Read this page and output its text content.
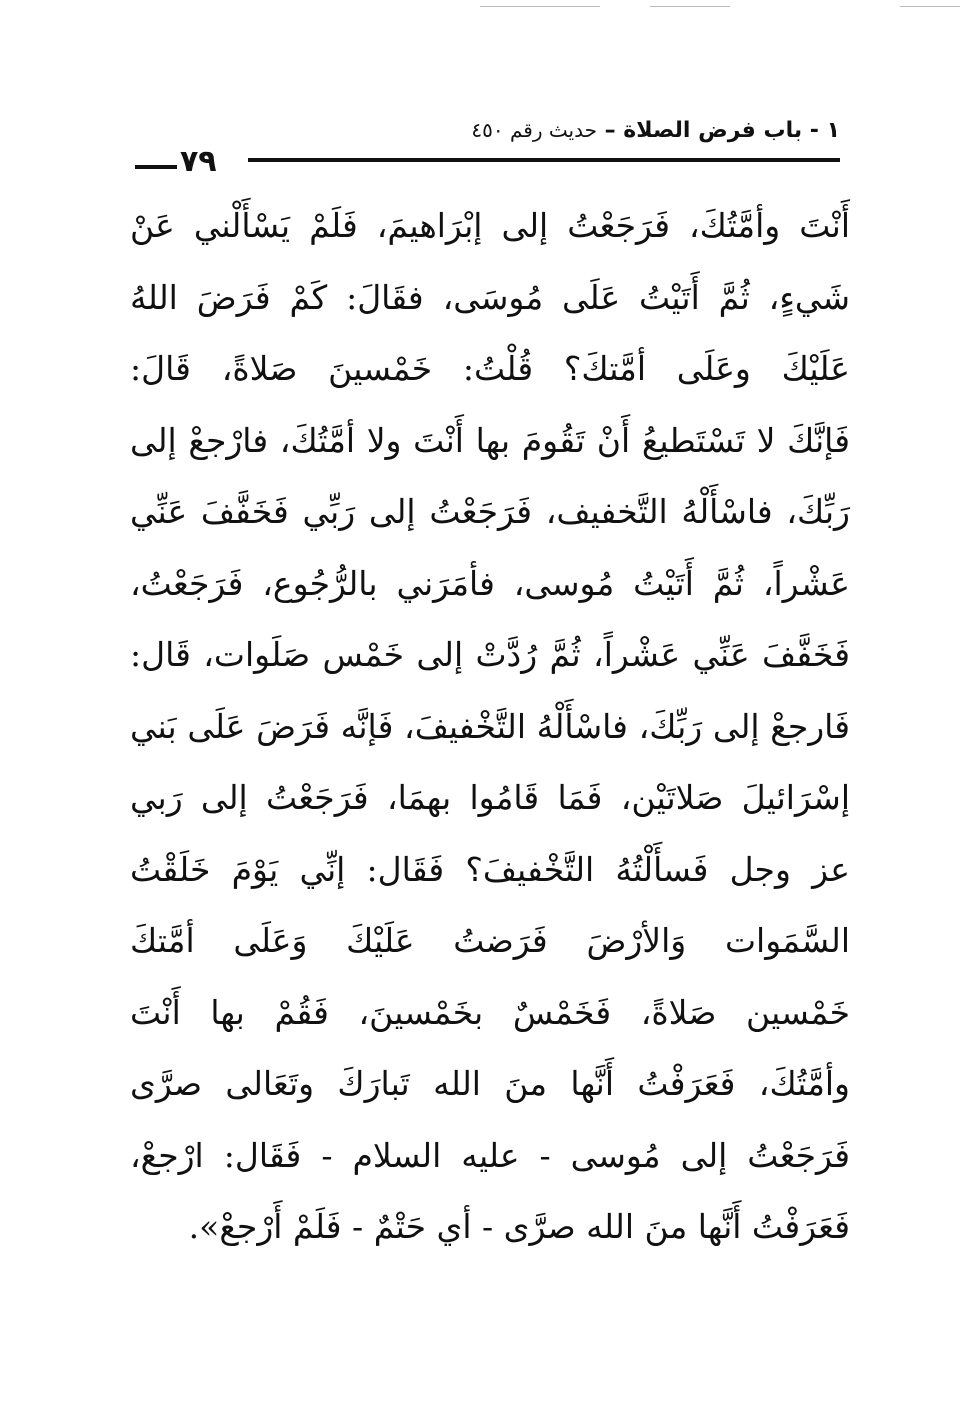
١ - باب فرض الصلاة – حديث رقم ٤٥٠
٧٩
أَنْتَ وأمَّتُكَ، فَرَجَعْتُ إلى إبْرَاهيمَ، فَلَمْ يَسْأَلْني عَنْ
شَيءٍ، ثُمَّ أَتَيْتُ عَلَى مُوسَى، فقَالَ: كَمْ فَرَضَ اللهُ
عَلَيْكَ وعَلَى أمَّتكَ؟ قُلْتُ: خَمْسينَ صَلاةً، قَالَ:
فَإنَّكَ لا تَسْتَطيعُ أَنْ تَقُومَ بها أَنْتَ ولا أمَّتُكَ، فارْجعْ إلى
رَبِّكَ، فاسْأَلْهُ التَّخفيف، فَرَجَعْتُ إلى رَبِّي فَخَفَّفَ عَنِّي
عَشْراً، ثُمَّ أَتَيْتُ مُوسى، فأمَرَني بالرُّجُوع، فَرَجَعْتُ،
فَخَفَّفَ عَنِّي عَشْراً، ثُمَّ رُدَّتْ إلى خَمْس صَلَوات، قَال:
فَارجعْ إلى رَبِّكَ، فاسْأَلْهُ التَّخْفيفَ، فَإنَّه فَرَضَ عَلَى بَني
إسْرَائيلَ صَلاتَيْن، فَمَا قَامُوا بهمَا، فَرَجَعْتُ إلى رَبي
عز وجل فَسأَلْتُهُ التَّخْفيفَ؟ فَقَال: إنِّي يَوْمَ خَلَقْتُ
السَّمَوات وَالأرْضَ فَرَضتُ عَلَيْكَ وَعَلَى أمَّتكَ
خَمْسين صَلاةً، فَخَمْسٌ بخَمْسينَ، فَقُمْ بها أَنْتَ
وأمَّتُكَ، فَعَرَفْتُ أَنَّها منَ الله تَبارَكَ وتَعَالى صرَّى
فَرَجَعْتُ إلى مُوسى - عليه السلام - فَقَال: ارْجعْ،
فَعَرَفْتُ أَنَّها منَ الله صرَّى - أي حَتْمٌ - فَلَمْ أَرْجعْ».
